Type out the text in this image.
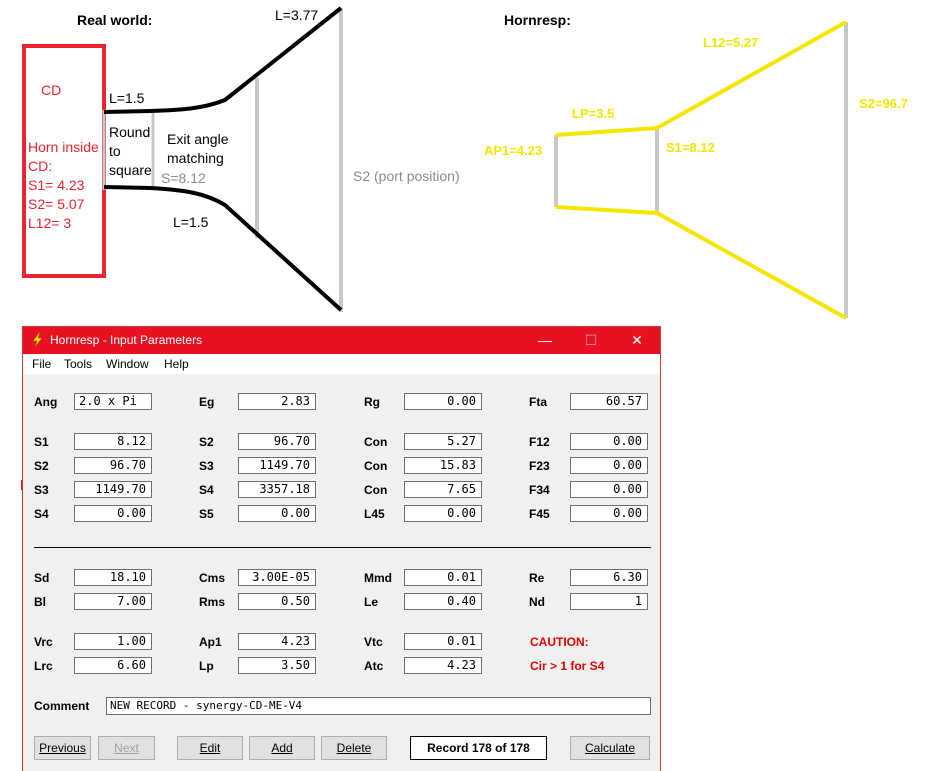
Real world:	Hornresp:
CD
Horn inside
CD:
S1= 4.23
S2= 5.07
L12= 3
L=1.5
Round
to
square
Exit angle
matching
S=8.12
L=1.5
L=3.77
S2 (port position)
L12=5.27
S2=96.7
LP=3.5
AP1=4.23	S1=8.12
Hornresp - Input Parameters	—	☐	✕
File Tools Window Help
Ang	2.0 x Pi	Eg	2.83	Rg	0.00	Fta	60.57
S1	8.12	S2	96.70	Con	5.27	F12	0.00
S2	96.70	S3	1149.70	Con	15.83	F23	0.00
S3	1149.70	S4	3357.18	Con	7.65	F34	0.00
S4	0.00	S5	0.00	L45	0.00	F45	0.00
Sd	18.10	Cms	3.00E-05	Mmd	0.01	Re	6.30
Bl	7.00	Rms	0.50	Le	0.40	Nd	1
Vrc	1.00	Ap1	4.23	Vtc	0.01	CAUTION:
Lrc	6.60	Lp	3.50	Atc	4.23	Cir > 1 for S4
Comment	NEW RECORD - synergy-CD-ME-V4
Previous	Next	Edit	Add	Delete	Record 178 of 178	Calculate
